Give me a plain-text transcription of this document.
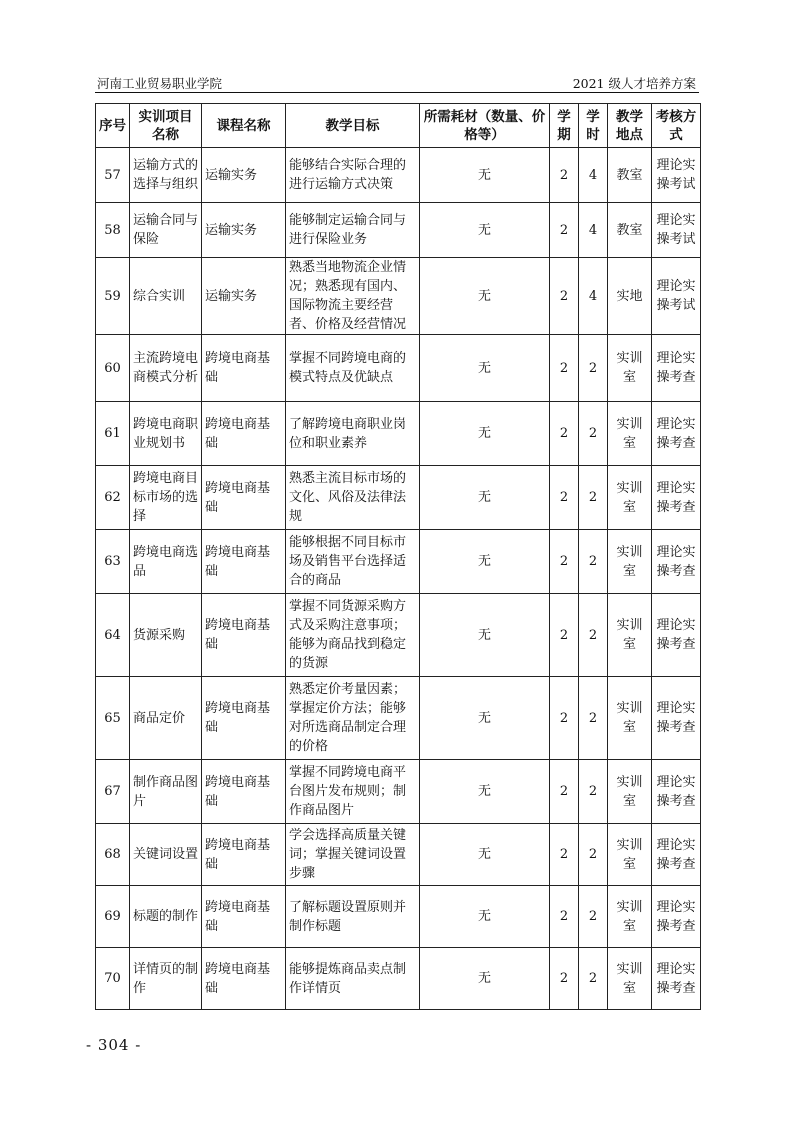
河南工业贸易职业学院	2021 级人才培养方案
序号	实训项目名称	课程名称	教学目标	所需耗材（数量、价格等）	学期	学时	教学地点	考核方式
57	运输方式的选择与组织	运输实务	能够结合实际合理的进行运输方式决策	无	2	4	教室	理论实操考试
58	运输合同与保险	运输实务	能够制定运输合同与进行保险业务	无	2	4	教室	理论实操考试
59	综合实训	运输实务	熟悉当地物流企业情况；熟悉现有国内、国际物流主要经营者、价格及经营情况	无	2	4	实地	理论实操考试
60	主流跨境电商模式分析	跨境电商基础	掌握不同跨境电商的模式特点及优缺点	无	2	2	实训室	理论实操考查
61	跨境电商职业规划书	跨境电商基础	了解跨境电商职业岗位和职业素养	无	2	2	实训室	理论实操考查
62	跨境电商目标市场的选择	跨境电商基础	熟悉主流目标市场的文化、风俗及法律法规	无	2	2	实训室	理论实操考查
63	跨境电商选品	跨境电商基础	能够根据不同目标市场及销售平台选择适合的商品	无	2	2	实训室	理论实操考查
64	货源采购	跨境电商基础	掌握不同货源采购方式及采购注意事项；能够为商品找到稳定的货源	无	2	2	实训室	理论实操考查
65	商品定价	跨境电商基础	熟悉定价考量因素；掌握定价方法；能够对所选商品制定合理的价格	无	2	2	实训室	理论实操考查
67	制作商品图片	跨境电商基础	掌握不同跨境电商平台图片发布规则；制作商品图片	无	2	2	实训室	理论实操考查
68	关键词设置	跨境电商基础	学会选择高质量关键词；掌握关键词设置步骤	无	2	2	实训室	理论实操考查
69	标题的制作	跨境电商基础	了解标题设置原则并制作标题	无	2	2	实训室	理论实操考查
70	详情页的制作	跨境电商基础	能够提炼商品卖点制作详情页	无	2	2	实训室	理论实操考查
- 304 -
